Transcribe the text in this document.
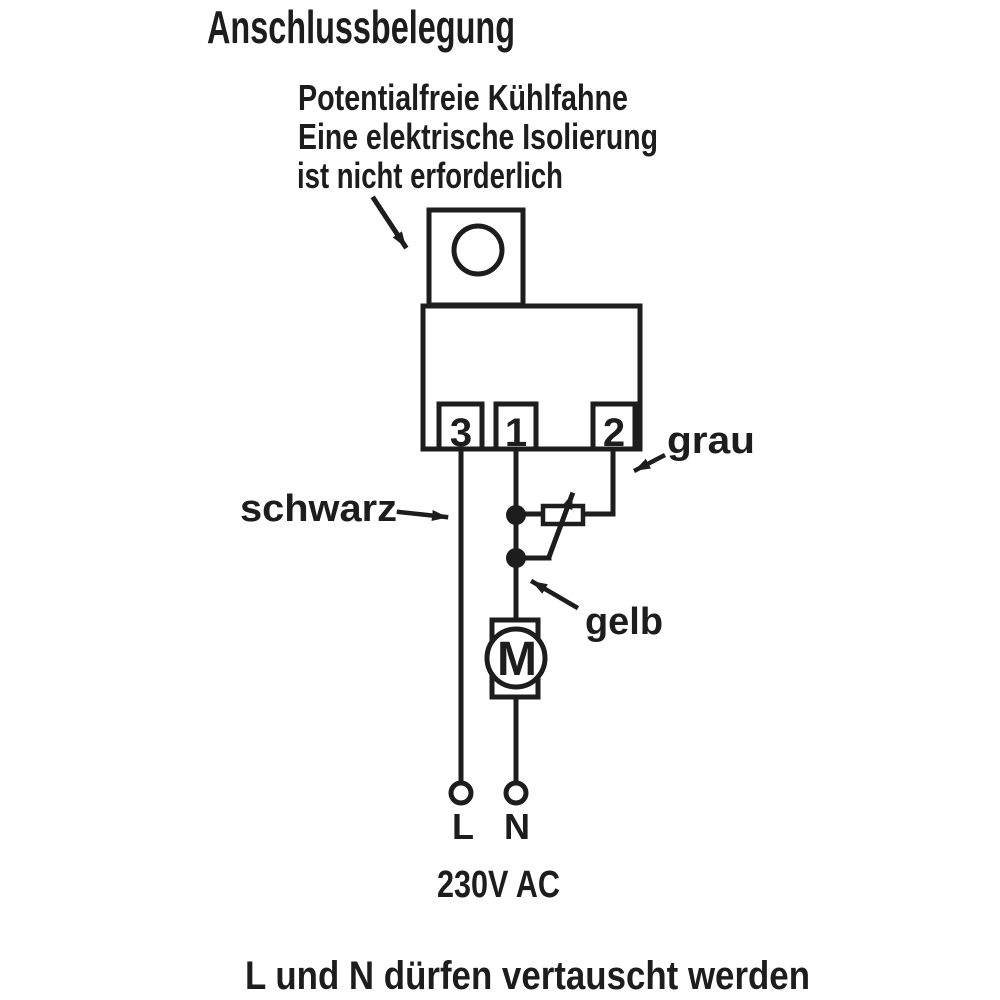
Anschlussbelegung
Potentialfreie Kühlfahne
Eine elektrische Isolierung
ist nicht erforderlich
3 1 2
M
L N
230V AC
schwarz
grau
gelb
L und N dürfen vertauscht werden
